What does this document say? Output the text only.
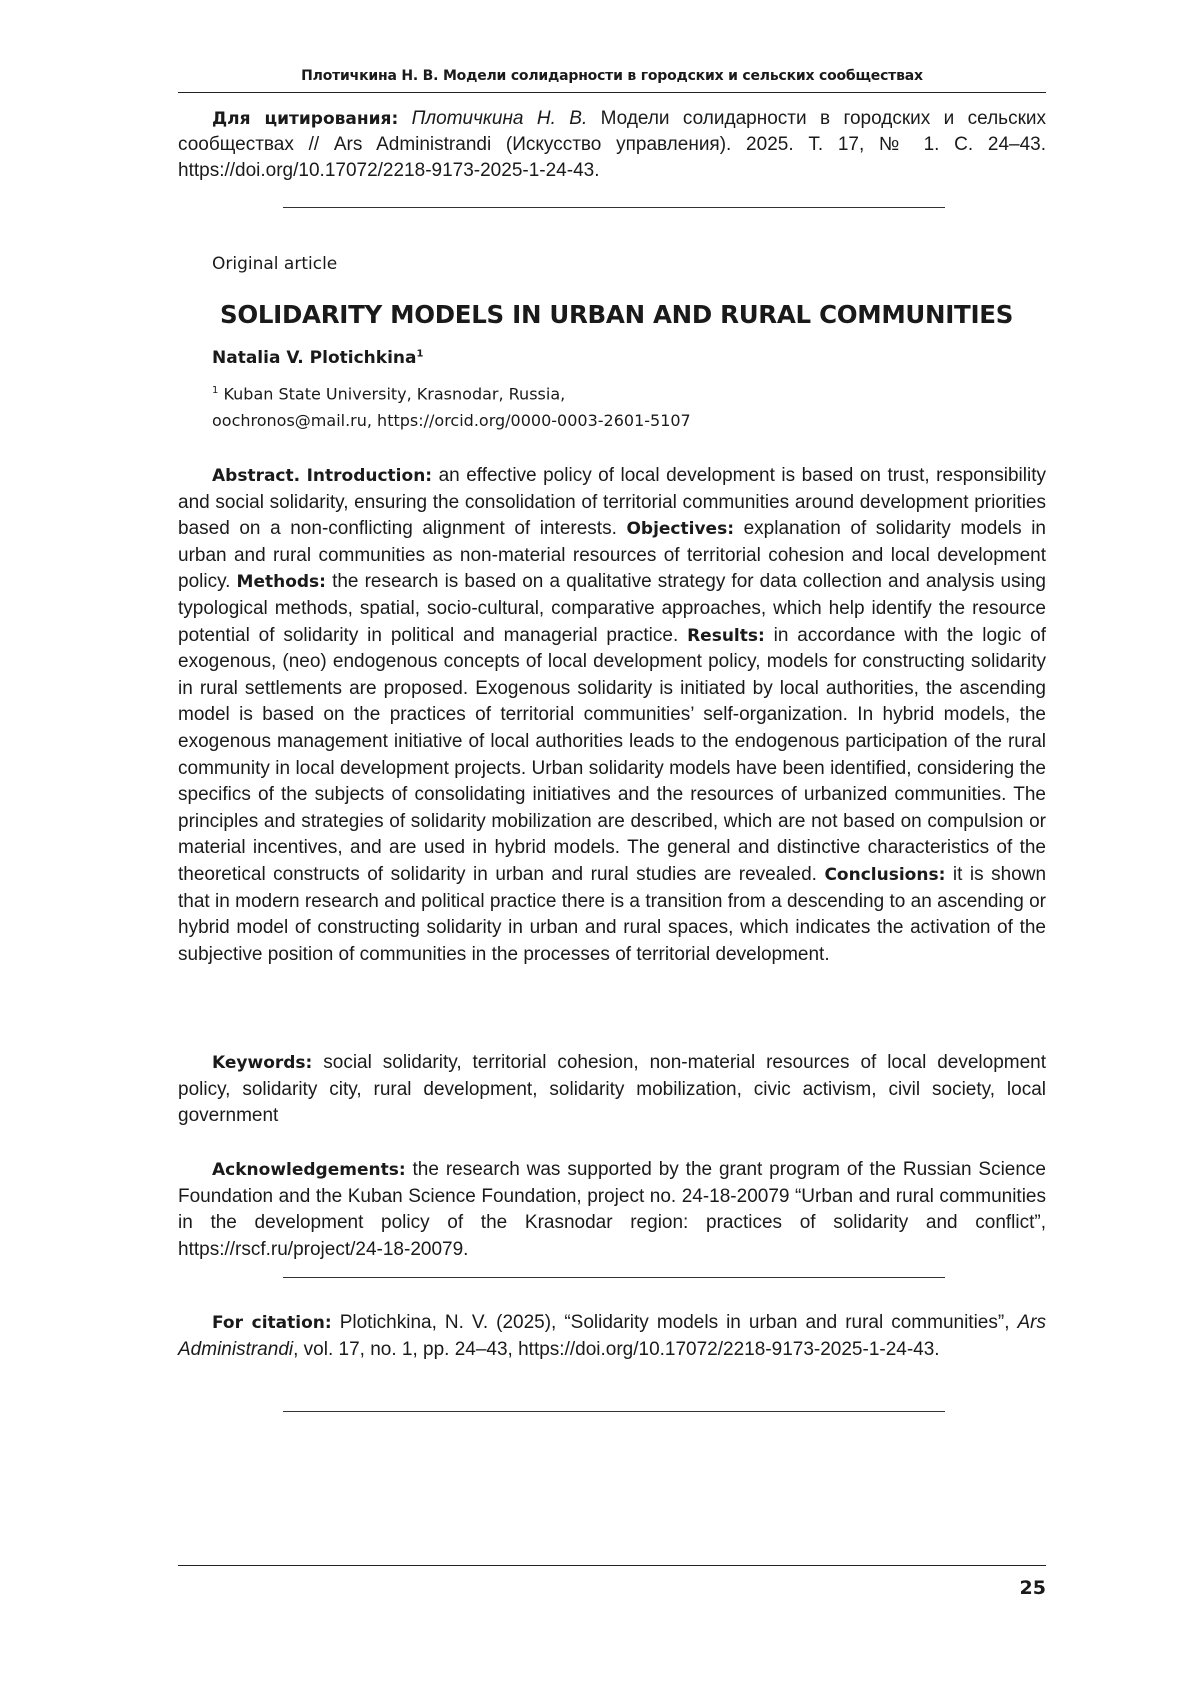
Плотичкина Н. В. Модели солидарности в городских и сельских сообществах
Для цитирования: Плотичкина Н. В. Модели солидарности в городских и сельских сообществах // Ars Administrandi (Искусство управления). 2025. Т. 17, № 1. С. 24–43. https://doi.org/10.17072/2218-9173-2025-1-24-43.
Original article
SOLIDARITY MODELS IN URBAN AND RURAL COMMUNITIES
Natalia V. Plotichkina$^1$
$^1$ Kuban State University, Krasnodar, Russia,
oochronos@mail.ru, https://orcid.org/0000-0003-2601-5107
Abstract. Introduction: an effective policy of local development is based on trust, responsibility and social solidarity, ensuring the consolidation of territorial communities around development priorities based on a non-conflicting alignment of interests. Objectives: explanation of solidarity models in urban and rural communities as non-material resources of territorial cohesion and local development policy. Methods: the research is based on a qualitative strategy for data collection and analysis using typological methods, spatial, socio-cultural, comparative approaches, which help identify the resource potential of solidarity in political and managerial practice. Results: in accordance with the logic of exogenous, (neo) endogenous concepts of local development policy, models for constructing solidarity in rural settlements are proposed. Exogenous solidarity is initiated by local authorities, the ascending model is based on the practices of territorial communities’ self-organization. In hybrid models, the exogenous management initiative of local authorities leads to the endogenous participation of the rural community in local development projects. Urban solidarity models have been identified, considering the specifics of the subjects of consolidating initiatives and the resources of urbanized communities. The principles and strategies of solidarity mobilization are described, which are not based on compulsion or material incentives, and are used in hybrid models. The general and distinctive characteristics of the theoretical constructs of solidarity in urban and rural studies are revealed. Conclusions: it is shown that in modern research and political practice there is a transition from a descending to an ascending or hybrid model of constructing solidarity in urban and rural spaces, which indicates the activation of the subjective position of communities in the processes of territorial development.
Keywords: social solidarity, territorial cohesion, non-material resources of local development policy, solidarity city, rural development, solidarity mobilization, civic activism, civil society, local government
Acknowledgements: the research was supported by the grant program of the Russian Science Foundation and the Kuban Science Foundation, project no. 24-18-20079 “Urban and rural communities in the development policy of the Krasnodar region: practices of solidarity and conflict”, https://rscf.ru/project/24-18-20079.
For citation: Plotichkina, N. V. (2025), “Solidarity models in urban and rural communities”, Ars Administrandi, vol. 17, no. 1, pp. 24–43, https://doi.org/10.17072/2218-9173-2025-1-24-43.
25
